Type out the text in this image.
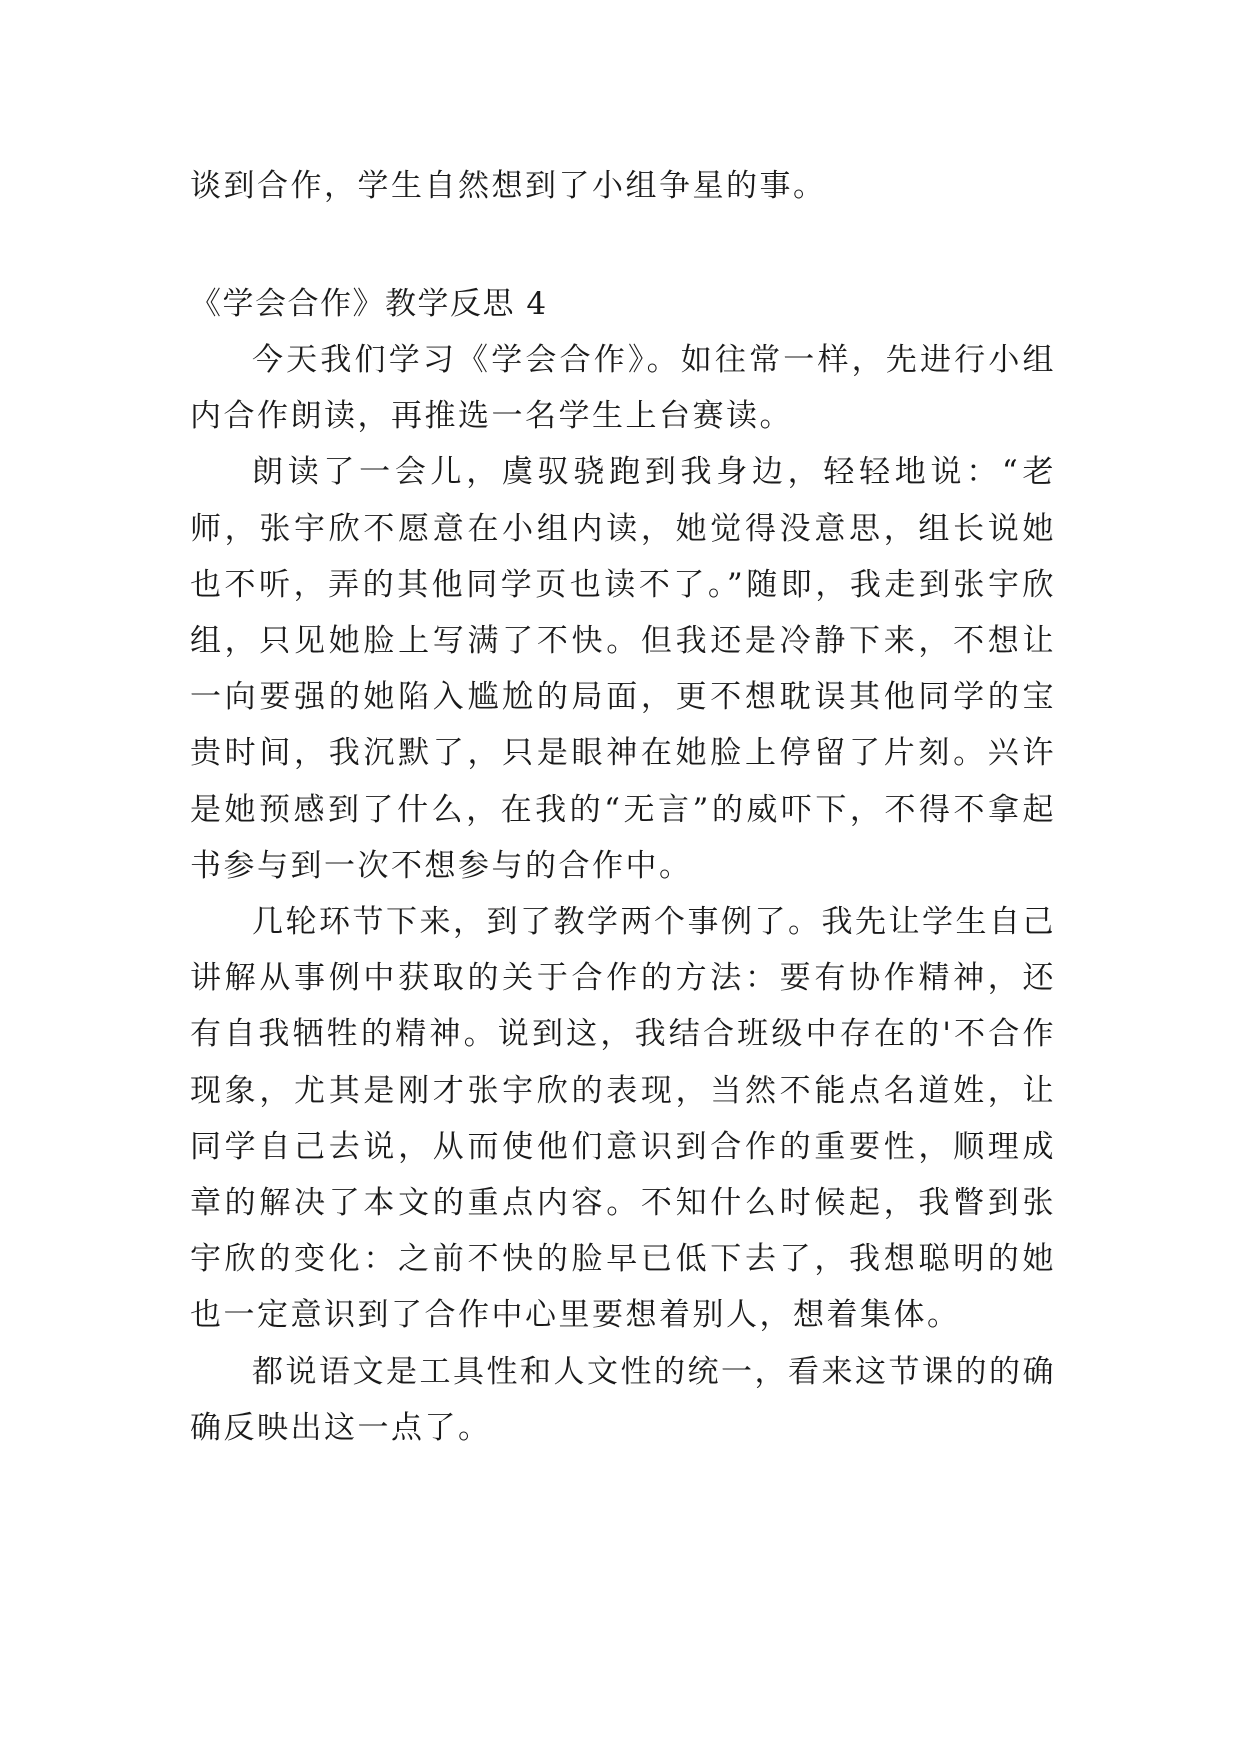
谈到合作，学生自然想到了小组争星的事。

《学会合作》教学反思 4

今天我们学习《学会合作》。如往常一样，先进行小组内合作朗读，再推选一名学生上台赛读。

朗读了一会儿，虞驭骁跑到我身边，轻轻地说：“老师，张宇欣不愿意在小组内读，她觉得没意思，组长说她也不听，弄的其他同学页也读不了。”随即，我走到张宇欣组，只见她脸上写满了不快。但我还是冷静下来，不想让一向要强的她陷入尴尬的局面，更不想耽误其他同学的宝贵时间，我沉默了，只是眼神在她脸上停留了片刻。兴许是她预感到了什么，在我的“无言”的威吓下，不得不拿起书参与到一次不想参与的合作中。

几轮环节下来，到了教学两个事例了。我先让学生自己讲解从事例中获取的关于合作的方法：要有协作精神，还有自我牺牲的精神。说到这，我结合班级中存在的'不合作现象，尤其是刚才张宇欣的表现，当然不能点名道姓，让同学自己去说，从而使他们意识到合作的重要性，顺理成章的解决了本文的重点内容。不知什么时候起，我瞥到张宇欣的变化：之前不快的脸早已低下去了，我想聪明的她也一定意识到了合作中心里要想着别人，想着集体。

都说语文是工具性和人文性的统一，看来这节课的的确确反映出这一点了。
